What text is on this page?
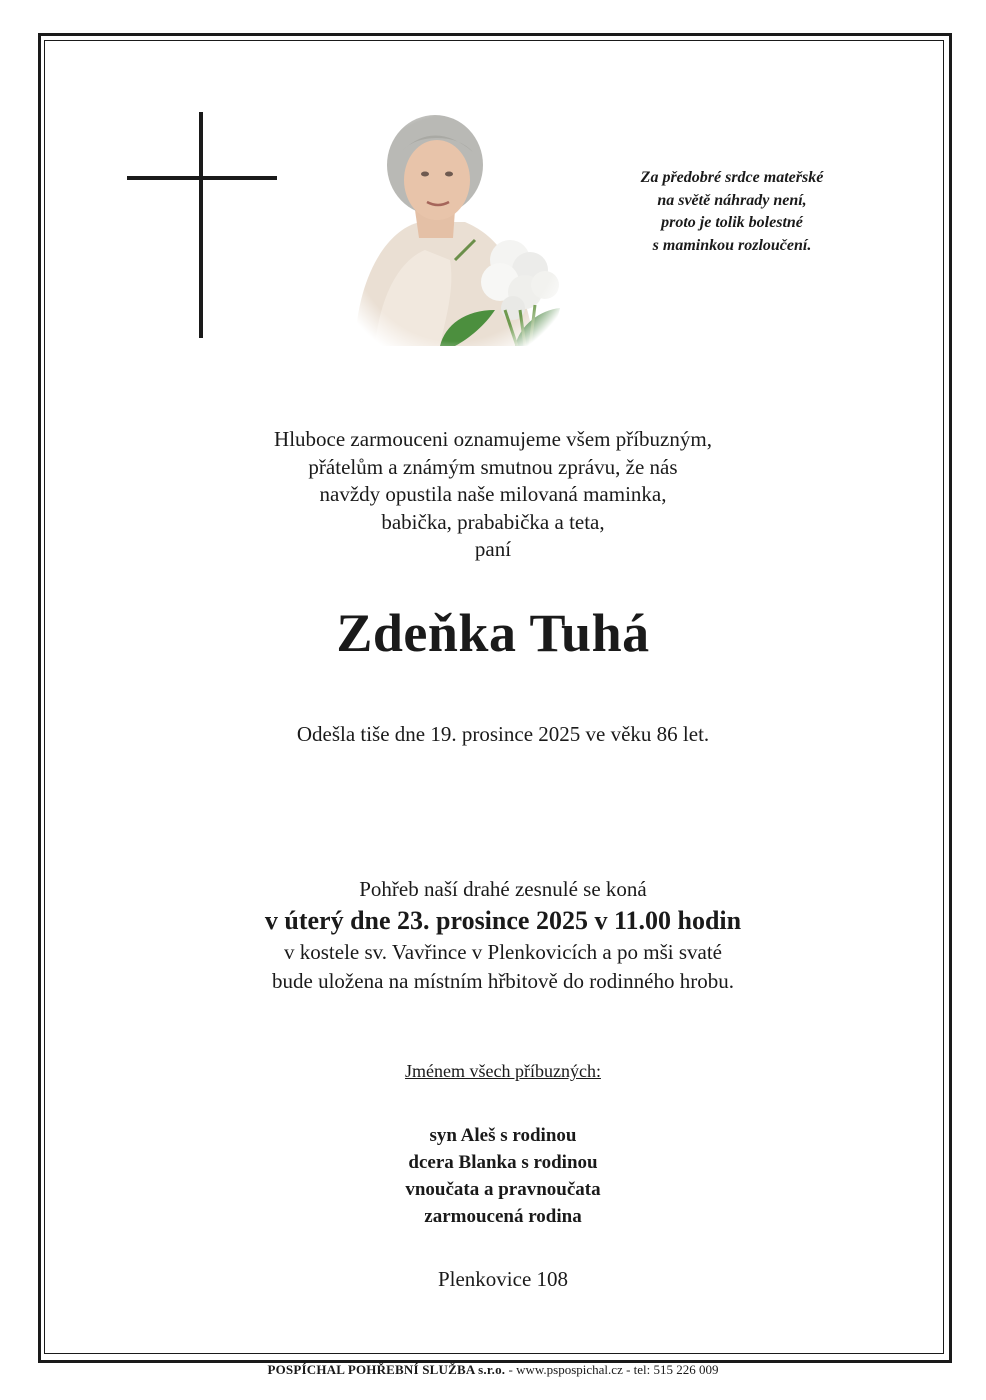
Za předobré srdce mateřské
na světě náhrady není,
proto je tolik bolestné
s maminkou rozloučení.
Hluboce zarmouceni oznamujeme všem příbuzným,
přátelům a známým smutnou zprávu, že nás
navždy opustila naše milovaná maminka,
babička, prababička a teta,
paní
Zdeňka Tuhá
Odešla tiše dne 19. prosince 2025 ve věku 86 let.
Pohřeb naší drahé zesnulé se koná
v úterý dne 23. prosince 2025 v 11.00 hodin
v kostele sv. Vavřince v Plenkovicích a po mši svaté
bude uložena na místním hřbitově do rodinného hrobu.
Jménem všech příbuzných:
syn Aleš s rodinou
dcera Blanka s rodinou
vnoučata a pravnoučata
zarmoucená rodina
Plenkovice 108
POSPÍCHAL POHŘEBNÍ SLUŽBA s.r.o. - www.pspospichal.cz - tel: 515 226 009
